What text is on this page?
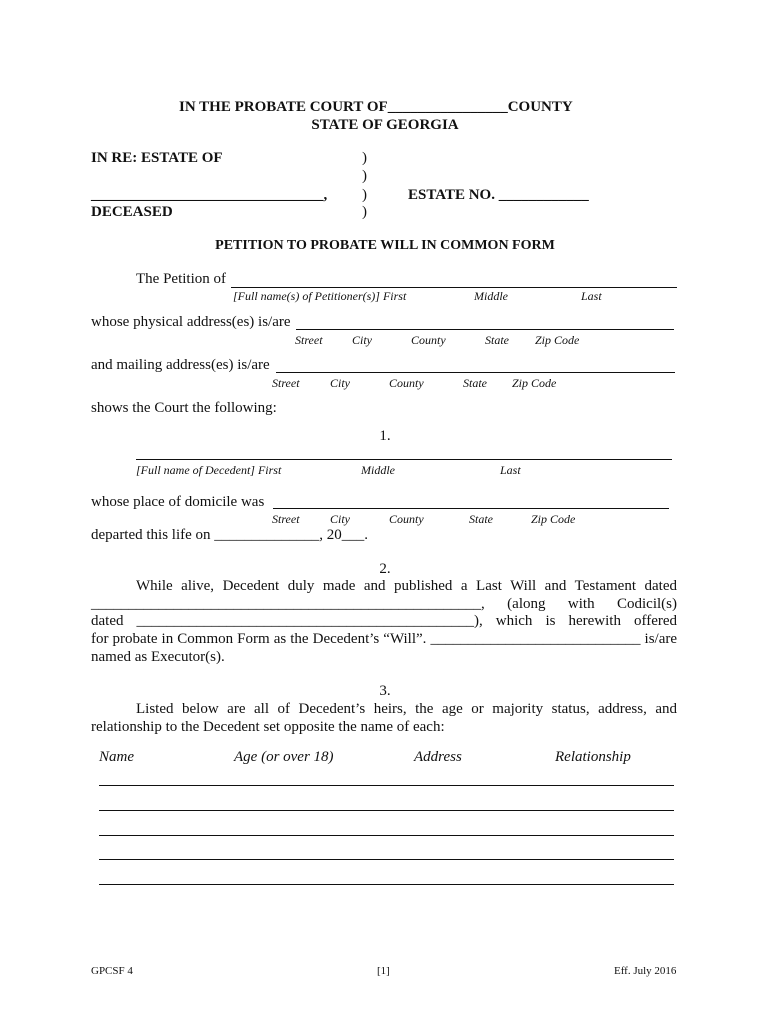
IN THE PROBATE COURT OF________________COUNTY
STATE OF GEORGIA
IN RE: ESTATE OF	)
)
_______________________________, )	ESTATE NO. ____________
DECEASED	)
PETITION TO PROBATE WILL IN COMMON FORM
The Petition of
[Full name(s) of Petitioner(s)] First	Middle	Last
whose physical address(es) is/are
Street City	County	State Zip Code
and mailing address(es) is/are
Street	City	County	State Zip Code
shows the Court the following:
1.
[Full name of Decedent] First	Middle	Last
whose place of domicile was
Street	City	County	State	Zip Code
departed this life on ______________, 20___.
2.
While alive, Decedent duly made and published a Last Will and Testament dated
____________________________________________________, (along with Codicil(s)
dated _____________________________________________), which is herewith offered
for probate in Common Form as the Decedent’s “Will”. ____________________________ is/are
named as Executor(s).
3.
Listed below are all of Decedent’s heirs, the age or majority status, address, and
relationship to the Decedent set opposite the name of each:
Name	Age (or over 18)	Address	Relationship
GPCSF 4	[1]	Eff. July 2016
